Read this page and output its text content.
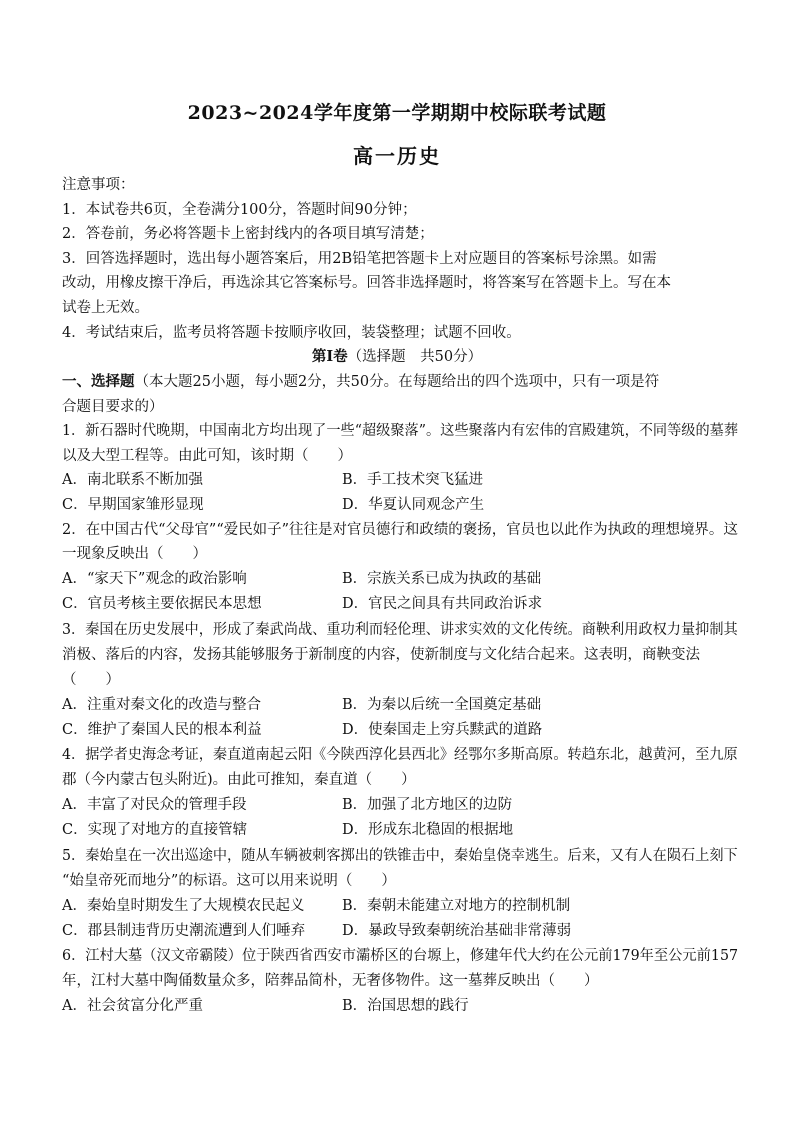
2023~2024学年度第一学期期中校际联考试题
高一历史
注意事项：
1．本试卷共6页，全卷满分100分，答题时间90分钟；
2．答卷前，务必将答题卡上密封线内的各项目填写清楚；
3．回答选择题时，选出每小题答案后，用2B铅笔把答题卡上对应题目的答案标号涂黑。如需
改动，用橡皮擦干净后，再选涂其它答案标号。回答非选择题时，将答案写在答题卡上。写在本
试卷上无效。
4．考试结束后，监考员将答题卡按顺序收回，装袋整理；试题不回收。
第Ⅰ卷（选择题　共50分）
一、选择题（本大题25小题，每小题2分，共50分。在每题给出的四个选项中，只有一项是符
合题目要求的）
1．新石器时代晚期，中国南北方均出现了一些“超级聚落”。这些聚落内有宏伟的宫殿建筑，不同等级的墓葬
以及大型工程等。由此可知，该时期（　　）
A．南北联系不断加强	B．手工技术突飞猛进
C．早期国家雏形显现	D．华夏认同观念产生
2．在中国古代“父母官”“爱民如子”往往是对官员德行和政绩的褒扬，官员也以此作为执政的理想境界。这
一现象反映出（　　）
A．“家天下”观念的政治影响	B．宗族关系已成为执政的基础
C．官员考核主要依据民本思想	D．官民之间具有共同政治诉求
3．秦国在历史发展中，形成了秦武尚战、重功利而轻伦理、讲求实效的文化传统。商鞅利用政权力量抑制其
消极、落后的内容，发扬其能够服务于新制度的内容，使新制度与文化结合起来。这表明，商鞅变法
（　　）
A．注重对秦文化的改造与整合	B．为秦以后统一全国奠定基础
C．维护了秦国人民的根本利益	D．使秦国走上穷兵黩武的道路
4．据学者史海念考证，秦直道南起云阳《今陕西淳化县西北》经鄂尔多斯高原。转趋东北，越黄河，至九原
郡（今内蒙古包头附近)。由此可推知，秦直道（　　）
A．丰富了对民众的管理手段	B．加强了北方地区的边防
C．实现了对地方的直接管辖	D．形成东北稳固的根据地
5．秦始皇在一次出巡途中，随从车辆被刺客掷出的铁锥击中，秦始皇侥幸逃生。后来，又有人在陨石上刻下
“始皇帝死而地分”的标语。这可以用来说明（　　）
A．秦始皇时期发生了大规模农民起义	B．秦朝未能建立对地方的控制机制
C．郡县制违背历史潮流遭到人们唾弃	D．暴政导致秦朝统治基础非常薄弱
6．江村大墓（汉文帝霸陵）位于陕西省西安市灞桥区的台塬上，修建年代大约在公元前179年至公元前157
年，江村大墓中陶俑数量众多，陪葬品简朴，无奢侈物件。这一墓葬反映出（　　）
A．社会贫富分化严重	B．治国思想的践行
